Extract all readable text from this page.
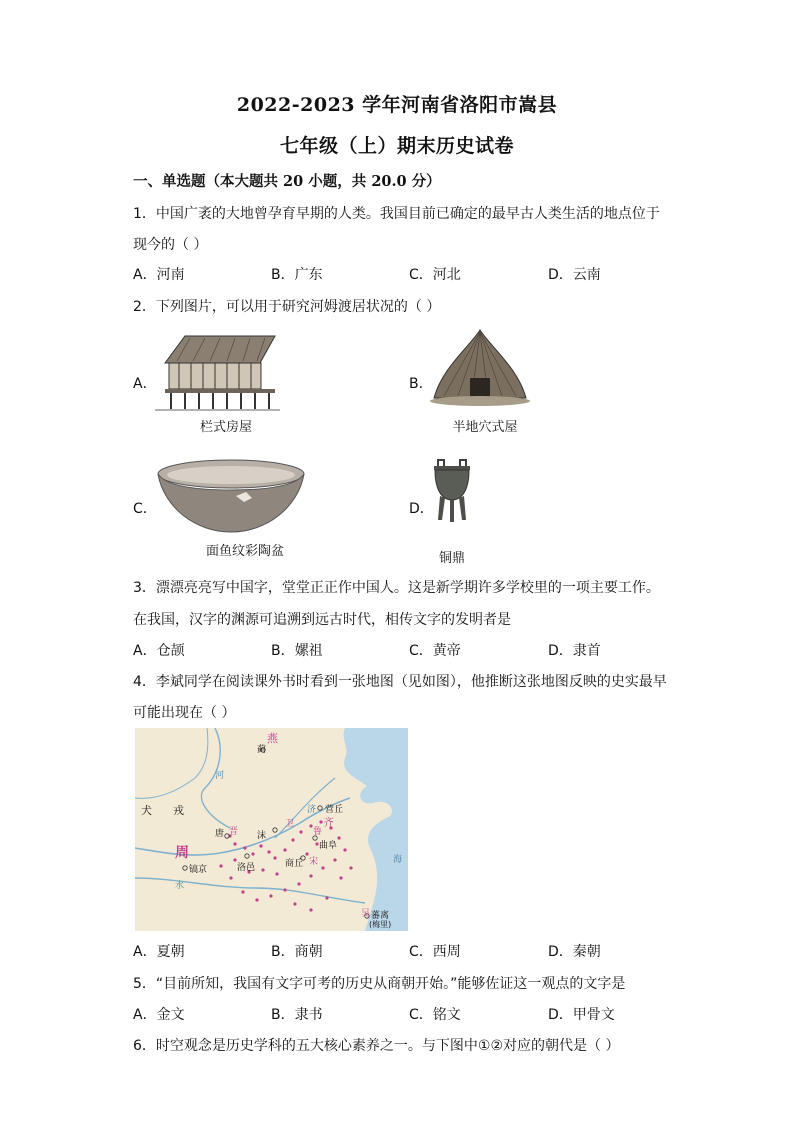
2022-2023 学年河南省洛阳市嵩县
七年级（上）期末历史试卷
一、单选题（本大题共 20 小题，共 20.0 分）
1．中国广袤的大地曾孕育早期的人类。我国目前已确定的最早古人类生活的地点位于
现今的（ ）
A．河南	B．广东	C．河北	D．云南
2．下列图片，可以用于研究河姆渡居状况的（ ）
A．
栏式房屋
B．
半地穴式屋
C．
面鱼纹彩陶盆
D．
铜鼎
3．漂漂亮亮写中国字，堂堂正正作中国人。这是新学期许多学校里的一项主要工作。
在我国，汉字的渊源可追溯到远古时代，相传文字的发明者是
A．仓颉	B．嫘祖	C．黄帝	D．隶首
4．李斌同学在阅读课外书时看到一张地图（见如图），他推断这张地图反映的史实最早
可能出现在（ ）
燕
蓟
犬 戎
河
济 营丘
齐
卫
晋
唐	沬	鲁
曲阜
周
镐京	洛邑	商丘 宋
水
海
吴 蕃离
(梅里)
A．夏朝	B．商朝	C．西周	D．秦朝
5．“目前所知，我国有文字可考的历史从商朝开始。”能够佐证这一观点的文字是
A．金文	B．隶书	C．铭文	D．甲骨文
6．时空观念是历史学科的五大核心素养之一。与下图中①②对应的朝代是（ ）
